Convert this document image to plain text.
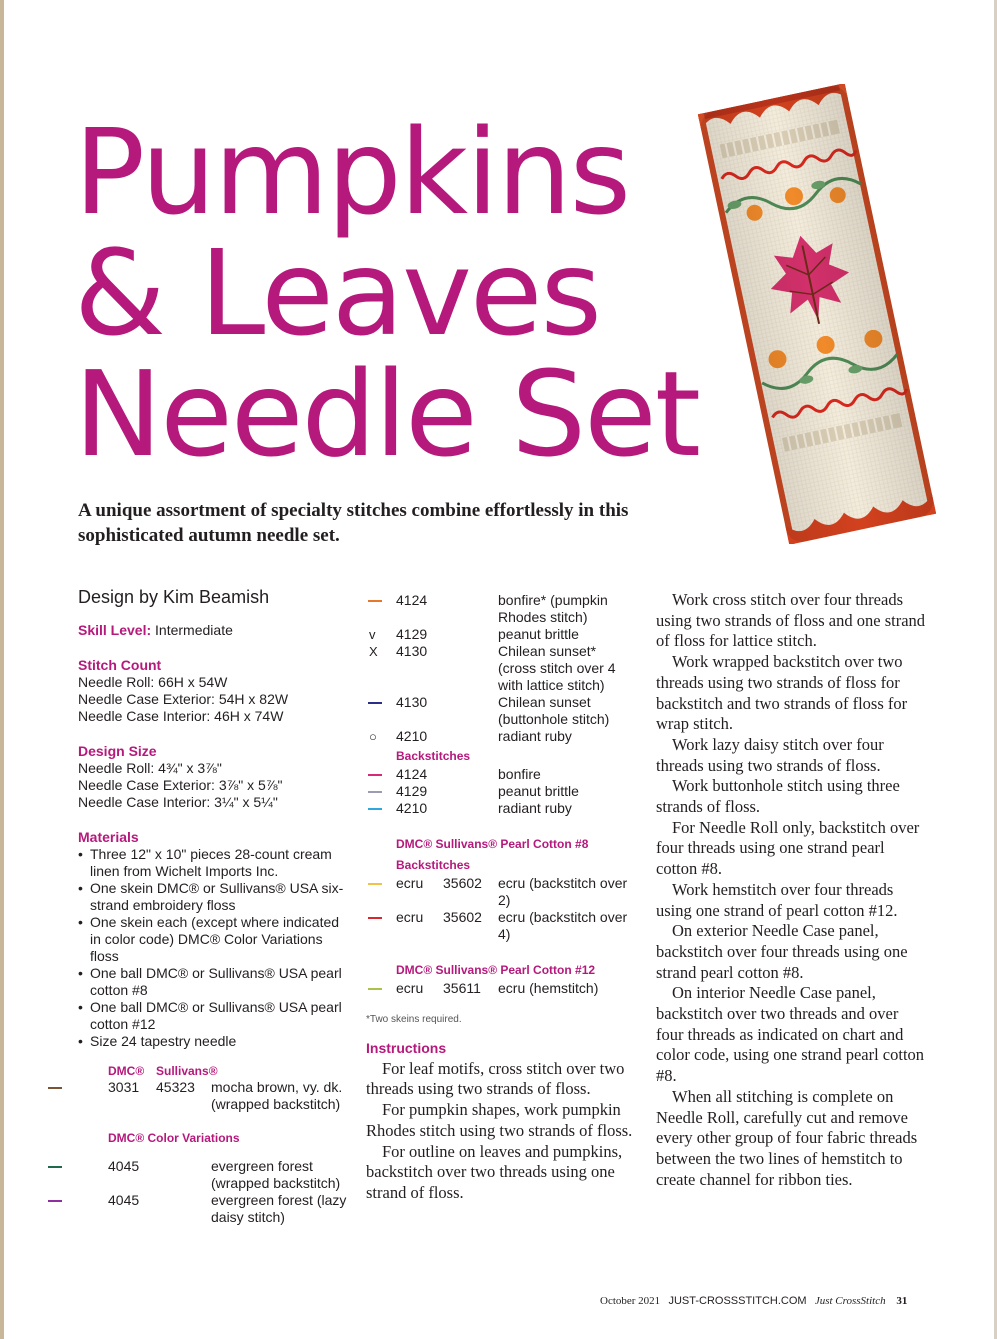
Pumpkins
& Leaves
Needle Set

A unique assortment of specialty stitches combine effortlessly in this sophisticated autumn needle set.

Design by Kim Beamish

Skill Level: Intermediate

Stitch Count

Needle Roll: 66H x 54W

Needle Case Exterior: 54H x 82W

Needle Case Interior: 46H x 74W

Design Size

Needle Roll: 4¾" x 3⅞"

Needle Case Exterior: 3⅞" x 5⅞"

Needle Case Interior: 3¼" x 5¼"

Materials

• Three 12" x 10" pieces 28-count cream linen from Wichelt Imports Inc.
• One skein DMC® or Sullivans® USA six-strand embroidery floss
• One skein each (except where indicated in color code) DMC® Color Variations floss
• One ball DMC® or Sullivans® USA pearl cotton #8
• One ball DMC® or Sullivans® USA pearl cotton #12
• Size 24 tapestry needle
DMC® Sullivans®
3031	45323	mocha brown, vy. dk. (wrapped backstitch)

DMC® Color Variations

4045	evergreen forest (wrapped backstitch)
4045	evergreen forest (lazy daisy stitch)
4124	bonfire* (pumpkin Rhodes stitch)
v 4129	peanut brittle
X 4130	Chilean sunset* (cross stitch over 4 with lattice stitch)
4130	Chilean sunset (buttonhole stitch)
○ 4210	radiant ruby

Backstitches

4124	bonfire
4129	peanut brittle
4210	radiant ruby

DMC® Sullivans® Pearl Cotton #8

Backstitches

ecru	35602	ecru (backstitch over 2)
ecru	35602	ecru (backstitch over 4)

DMC® Sullivans® Pearl Cotton #12

ecru	35611	ecru (hemstitch)

*Two skeins required.

Instructions

For leaf motifs, cross stitch over two threads using two strands of floss.

For pumpkin shapes, work pumpkin Rhodes stitch using two strands of floss.

For outline on leaves and pumpkins, backstitch over two threads using one strand of floss.

Work cross stitch over four threads using two strands of floss and one strand of floss for lattice stitch.

Work wrapped backstitch over two threads using two strands of floss for backstitch and two strands of floss for wrap stitch.

Work lazy daisy stitch over four threads using two strands of floss.

Work buttonhole stitch using three strands of floss.

For Needle Roll only, backstitch over four threads using one strand pearl cotton #8.

Work hemstitch over four threads using one strand of pearl cotton #12.

On exterior Needle Case panel, backstitch over four threads using one strand pearl cotton #8.

On interior Needle Case panel, backstitch over two threads and over four threads as indicated on chart and color code, using one strand pearl cotton #8.

When all stitching is complete on Needle Roll, carefully cut and remove every other group of four fabric threads between the two lines of hemstitch to create channel for ribbon ties.

October 2021 JUST-CROSSSTITCH.COM Just CrossStitch 31
